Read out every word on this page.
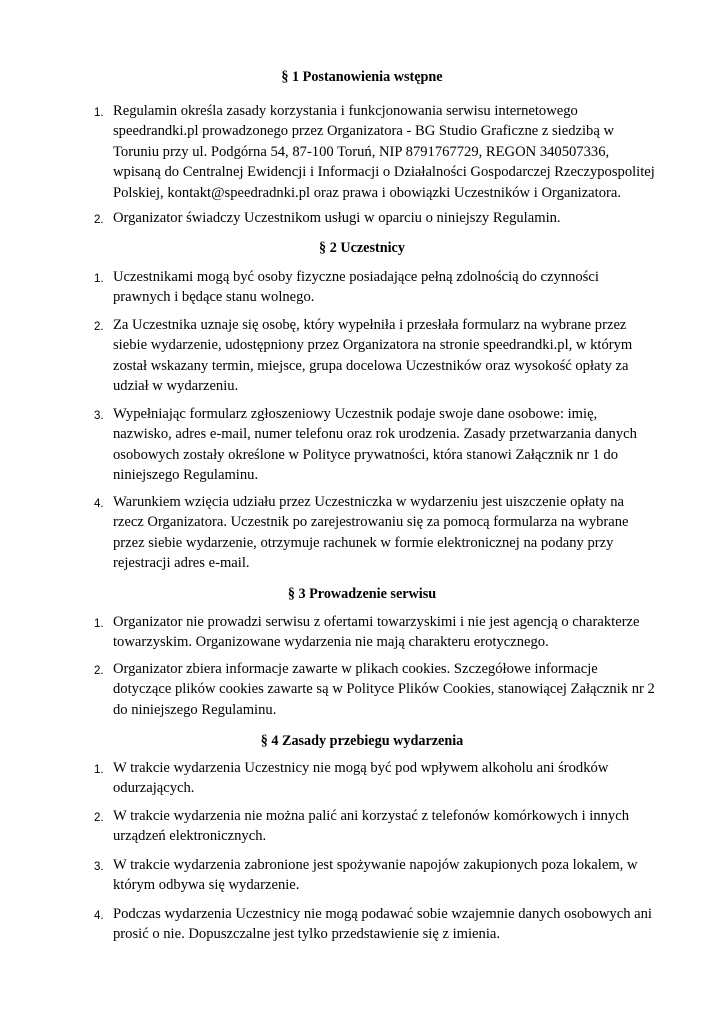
§ 1 Postanowienia wstępne
1. Regulamin określa zasady korzystania i funkcjonowania serwisu internetowego
speedrandki.pl prowadzonego przez Organizatora - BG Studio Graficzne z siedzibą w
Toruniu przy ul. Podgórna 54, 87-100 Toruń, NIP 8791767729, REGON 340507336,
wpisaną do Centralnej Ewidencji i Informacji o Działalności Gospodarczej Rzeczypospolitej
Polskiej, kontakt@speedradnki.pl oraz prawa i obowiązki Uczestników i Organizatora.
2. Organizator świadczy Uczestnikom usługi w oparciu o niniejszy Regulamin.
§ 2 Uczestnicy
1. Uczestnikami mogą być osoby fizyczne posiadające pełną zdolnością do czynności
prawnych i będące stanu wolnego.
2. Za Uczestnika uznaje się osobę, który wypełniła i przesłała formularz na wybrane przez
siebie wydarzenie, udostępniony przez Organizatora na stronie speedrandki.pl, w którym
został wskazany termin, miejsce, grupa docelowa Uczestników oraz wysokość opłaty za
udział w wydarzeniu.
3. Wypełniając formularz zgłoszeniowy Uczestnik podaje swoje dane osobowe: imię,
nazwisko, adres e-mail, numer telefonu oraz rok urodzenia. Zasady przetwarzania danych
osobowych zostały określone w Polityce prywatności, która stanowi Załącznik nr 1 do
niniejszego Regulaminu.
4. Warunkiem wzięcia udziału przez Uczestniczka w wydarzeniu jest uiszczenie opłaty na
rzecz Organizatora. Uczestnik po zarejestrowaniu się za pomocą formularza na wybrane
przez siebie wydarzenie, otrzymuje rachunek w formie elektronicznej na podany przy
rejestracji adres e-mail.
§ 3 Prowadzenie serwisu
1. Organizator nie prowadzi serwisu z ofertami towarzyskimi i nie jest agencją o charakterze
towarzyskim. Organizowane wydarzenia nie mają charakteru erotycznego.
2. Organizator zbiera informacje zawarte w plikach cookies. Szczegółowe informacje
dotyczące plików cookies zawarte są w Polityce Plików Cookies, stanowiącej Załącznik nr 2
do niniejszego Regulaminu.
§ 4 Zasady przebiegu wydarzenia
1. W trakcie wydarzenia Uczestnicy nie mogą być pod wpływem alkoholu ani środków
odurzających.
2. W trakcie wydarzenia nie można palić ani korzystać z telefonów komórkowych i innych
urządzeń elektronicznych.
3. W trakcie wydarzenia zabronione jest spożywanie napojów zakupionych poza lokalem, w
którym odbywa się wydarzenie.
4. Podczas wydarzenia Uczestnicy nie mogą podawać sobie wzajemnie danych osobowych ani
prosić o nie. Dopuszczalne jest tylko przedstawienie się z imienia.
